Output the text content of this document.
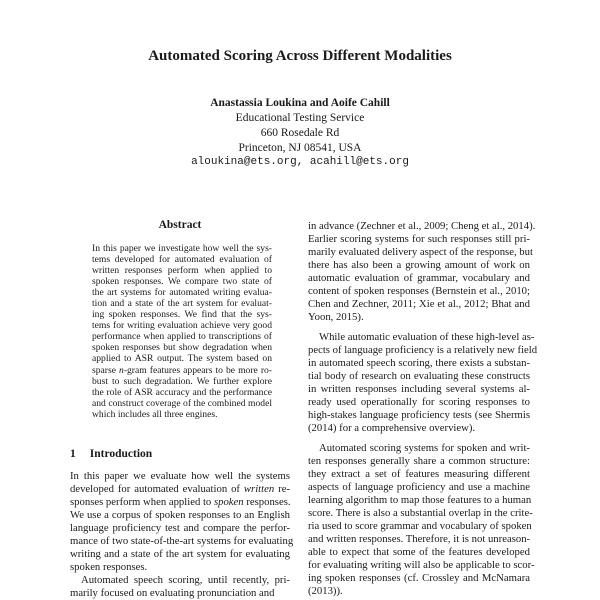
Automated Scoring Across Different Modalities
Anastassia Loukina and Aoife Cahill
Educational Testing Service
660 Rosedale Rd
Princeton, NJ 08541, USA
aloukina@ets.org, acahill@ets.org
Abstract
In this paper we investigate how well the sys-
tems developed for automated evaluation of
written responses perform when applied to
spoken responses. We compare two state of
the art systems for automated writing evalua-
tion and a state of the art system for evaluat-
ing spoken responses. We find that the sys-
tems for writing evaluation achieve very good
performance when applied to transcriptions of
spoken responses but show degradation when
applied to ASR output. The system based on
sparse n-gram features appears to be more ro-
bust to such degradation. We further explore
the role of ASR accuracy and the performance
and construct coverage of the combined model
which includes all three engines.
1 Introduction
In this paper we evaluate how well the systems
developed for automated evaluation of written re-
sponses perform when applied to spoken responses.
We use a corpus of spoken responses to an English
language proficiency test and compare the perfor-
mance of two state-of-the-art systems for evaluating
writing and a state of the art system for evaluating
spoken responses.
Automated speech scoring, until recently, pri-
marily focused on evaluating pronunciation and
in advance (Zechner et al., 2009; Cheng et al., 2014).
Earlier scoring systems for such responses still pri-
marily evaluated delivery aspect of the response, but
there has also been a growing amount of work on
automatic evaluation of grammar, vocabulary and
content of spoken responses (Bernstein et al., 2010;
Chen and Zechner, 2011; Xie et al., 2012; Bhat and
Yoon, 2015).
While automatic evaluation of these high-level as-
pects of language proficiency is a relatively new field
in automated speech scoring, there exists a substan-
tial body of research on evaluating these constructs
in written responses including several systems al-
ready used operationally for scoring responses to
high-stakes language proficiency tests (see Shermis
(2014) for a comprehensive overview).
Automated scoring systems for spoken and writ-
ten responses generally share a common structure:
they extract a set of features measuring different
aspects of language proficiency and use a machine
learning algorithm to map those features to a human
score. There is also a substantial overlap in the crite-
ria used to score grammar and vocabulary of spoken
and written responses. Therefore, it is not unreason-
able to expect that some of the features developed
for evaluating writing will also be applicable to scor-
ing spoken responses (cf. Crossley and McNamara
(2013)).
